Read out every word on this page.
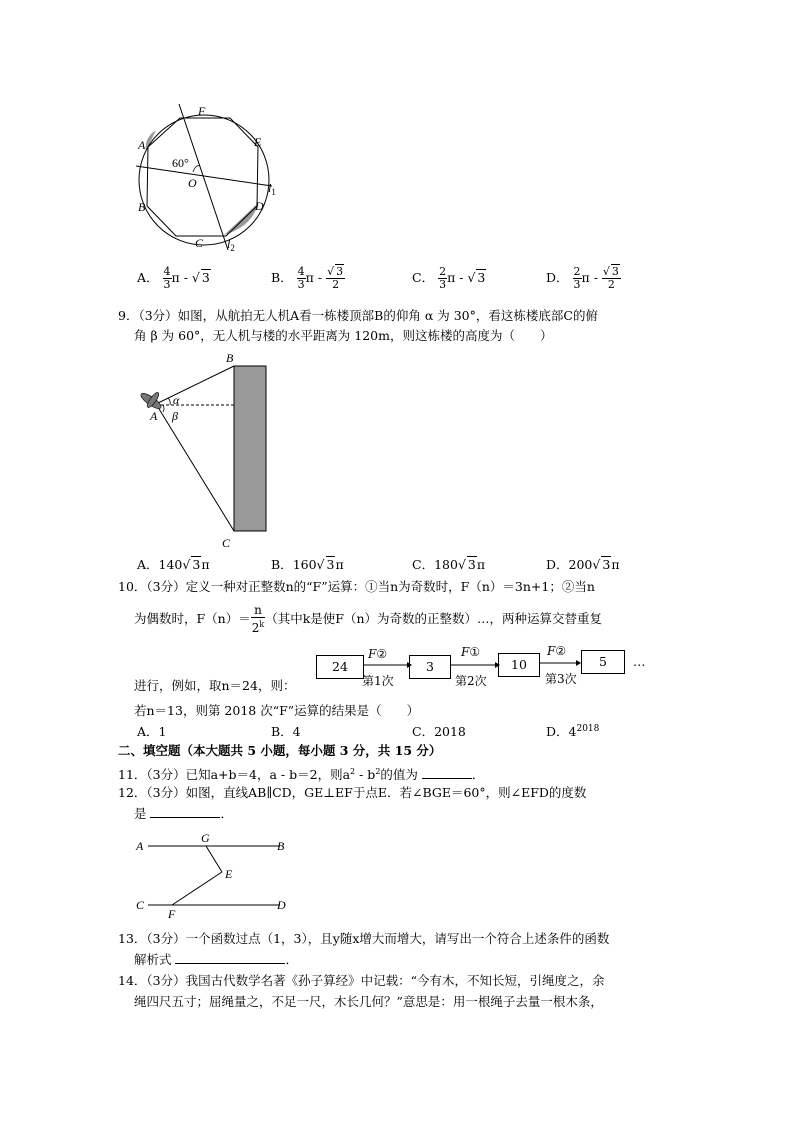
F
E
A
B
C
D
O
60°
$l_1$
$l_2$
A． $\frac{4}{3}$ π - √ 3	B． $\frac{4}{3}$ π - $\frac{√ 3}{2}$	C． $\frac{2}{3}$ π - √ 3	D． $\frac{2}{3}$ π - $\frac{√ 3}{2}$
9．（3分）如图，从航拍无人机A看一栋楼顶部B的仰角 α 为 30°，看这栋楼底部C的俯
角 β 为 60°，无人机与楼的水平距离为 120m，则这栋楼的高度为（　　）
B
A
C
α
β
A．140√ 3π	B．160√ 3π	C．180√ 3π	D．200√ 3π
10．（3分）定义一种对正整数n的“F”运算：①当n为奇数时，F（n）＝3n+1；②当n
为偶数时，$F(n)= \frac{n}{2^k}$ （其中k是使F（n）为奇数的正整数）…，两种运算交替重复
进行，例如，取n＝24，则：
24	3	10	5	…
F②	F①	F②
第1次	第2次	第3次
若n＝13，则第 2018 次“F”运算的结果是（　　）
A．1	B．4	C．2018	D．$4^{2018}$
二、填空题（本大题共 5 小题，每小题 3 分，共 15 分）
11．（3分）已知a+b＝4，a - b＝2，则$a^2 - b^2$的值为	．
12．（3分）如图，直线AB∥CD，GE⊥EF于点E．若∠BGE＝60°，则∠EFD的度数
是	．
A
G
B
E
C
F
D
13．（3分）一个函数过点（1，3），且y随x增大而增大，请写出一个符合上述条件的函数
解析式	．
14．（3分）我国古代数学名著《孙子算经》中记载：“今有木，不知长短，引绳度之，余
绳四尺五寸；屈绳量之，不足一尺，木长几何？”意思是：用一根绳子去量一根木条，
